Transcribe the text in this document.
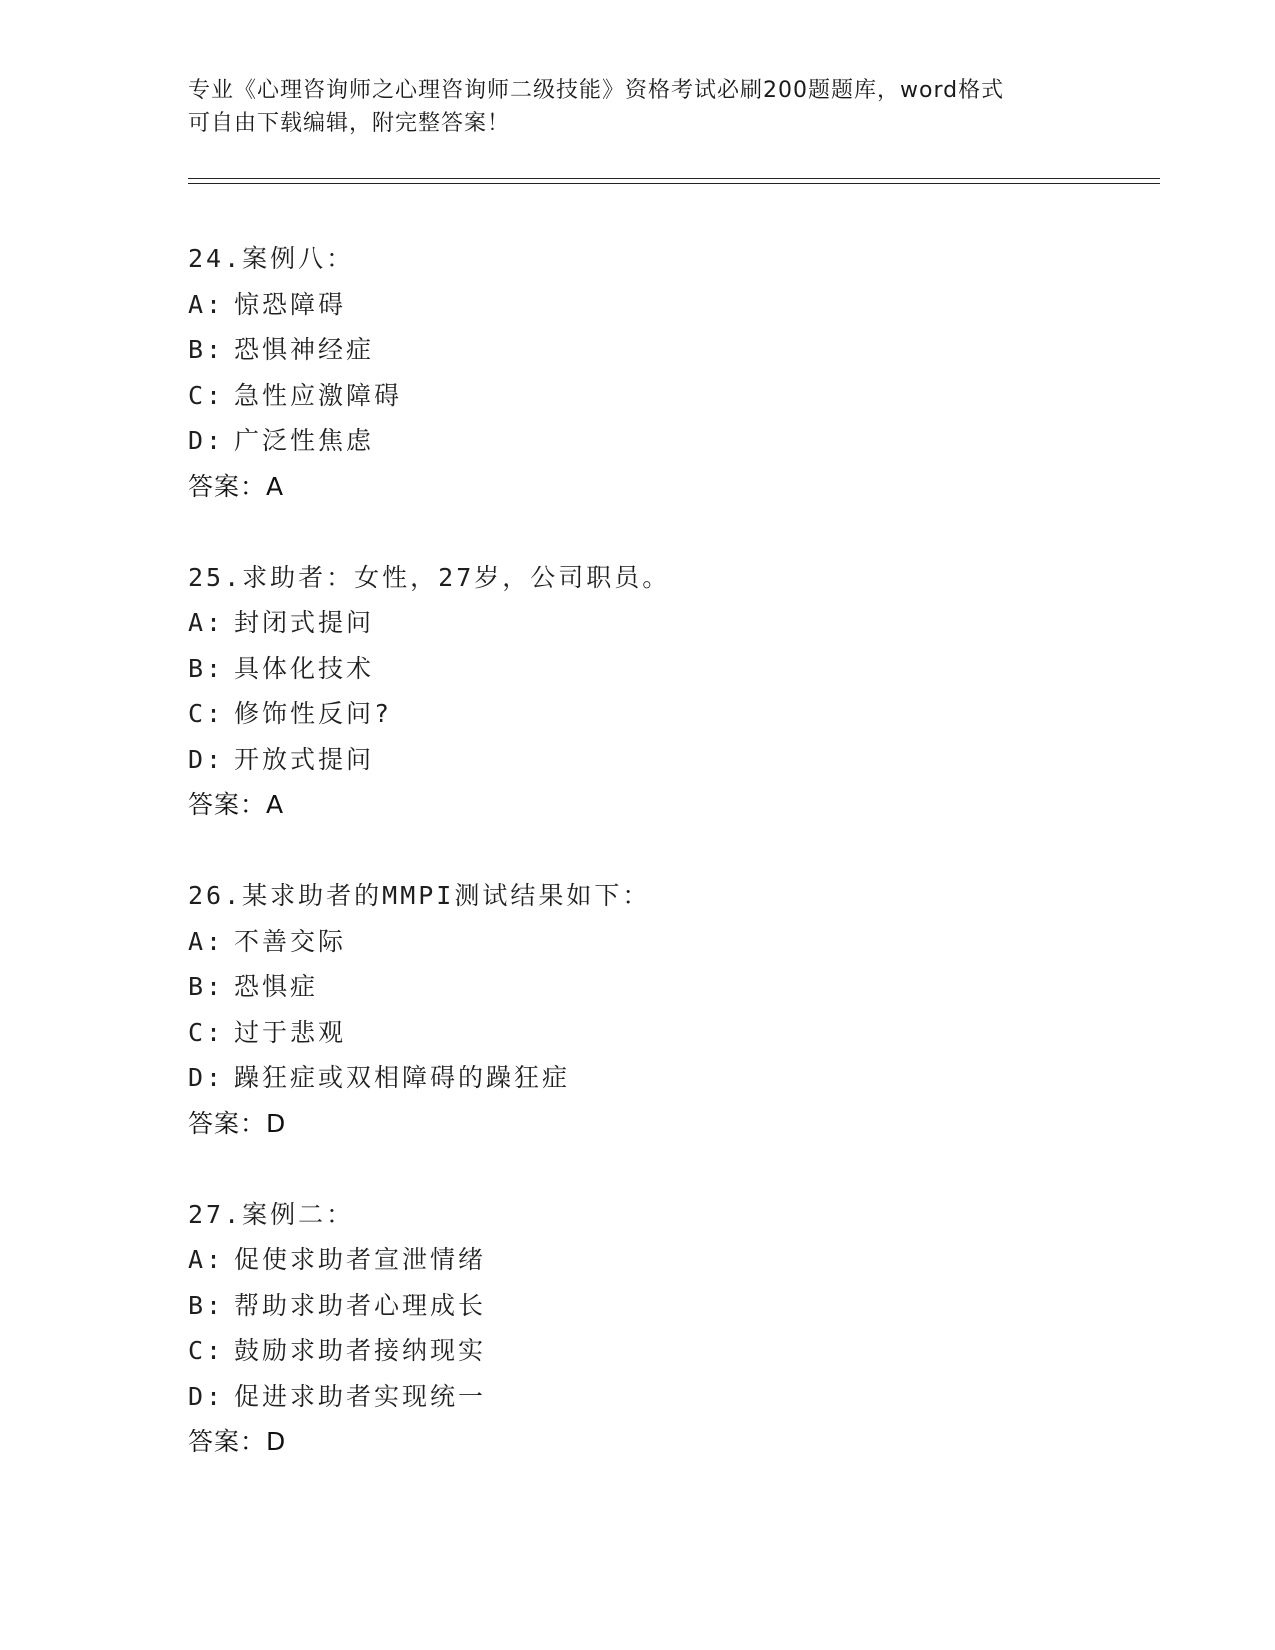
专业《心理咨询师之心理咨询师二级技能》资格考试必刷200题题库，word格式
可自由下载编辑，附完整答案！
24.案例八：
A: 惊恐障碍
B: 恐惧神经症
C: 急性应激障碍
D: 广泛性焦虑
答案：A
25.求助者：女性，27岁，公司职员。
A: 封闭式提问
B: 具体化技术
C: 修饰性反问?
D: 开放式提问
答案：A
26.某求助者的MMPI测试结果如下：
A: 不善交际
B: 恐惧症
C: 过于悲观
D: 躁狂症或双相障碍的躁狂症
答案：D
27.案例二：
A: 促使求助者宣泄情绪
B: 帮助求助者心理成长
C: 鼓励求助者接纳现实
D: 促进求助者实现统一
答案：D
